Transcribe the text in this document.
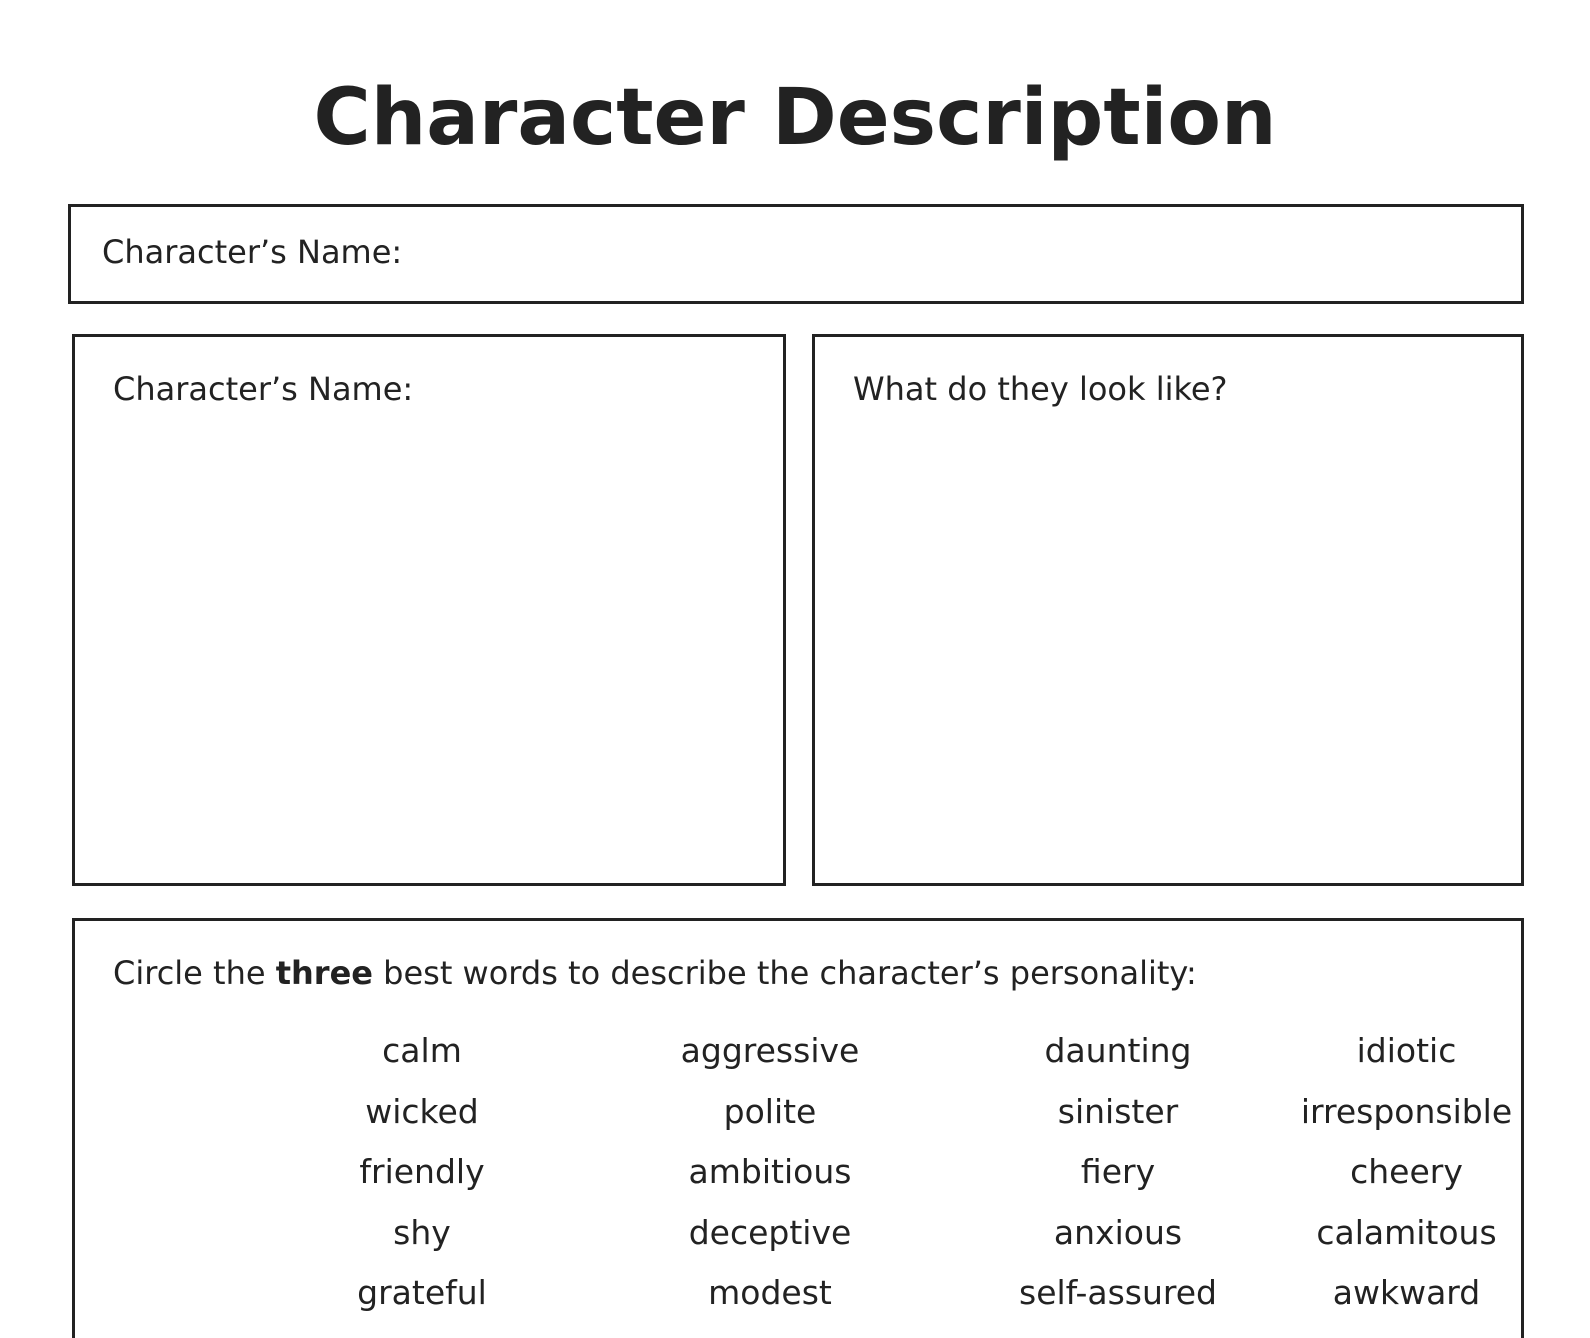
Character Description
Character’s Name:
Character’s Name:	What do they look like?
Circle the three best words to describe the character’s personality:
calm
wicked
friendly
shy
grateful
aggressive
polite
ambitious
deceptive
modest
daunting
sinister
fiery
anxious
self-assured
idiotic
irresponsible
cheery
calamitous
awkward
